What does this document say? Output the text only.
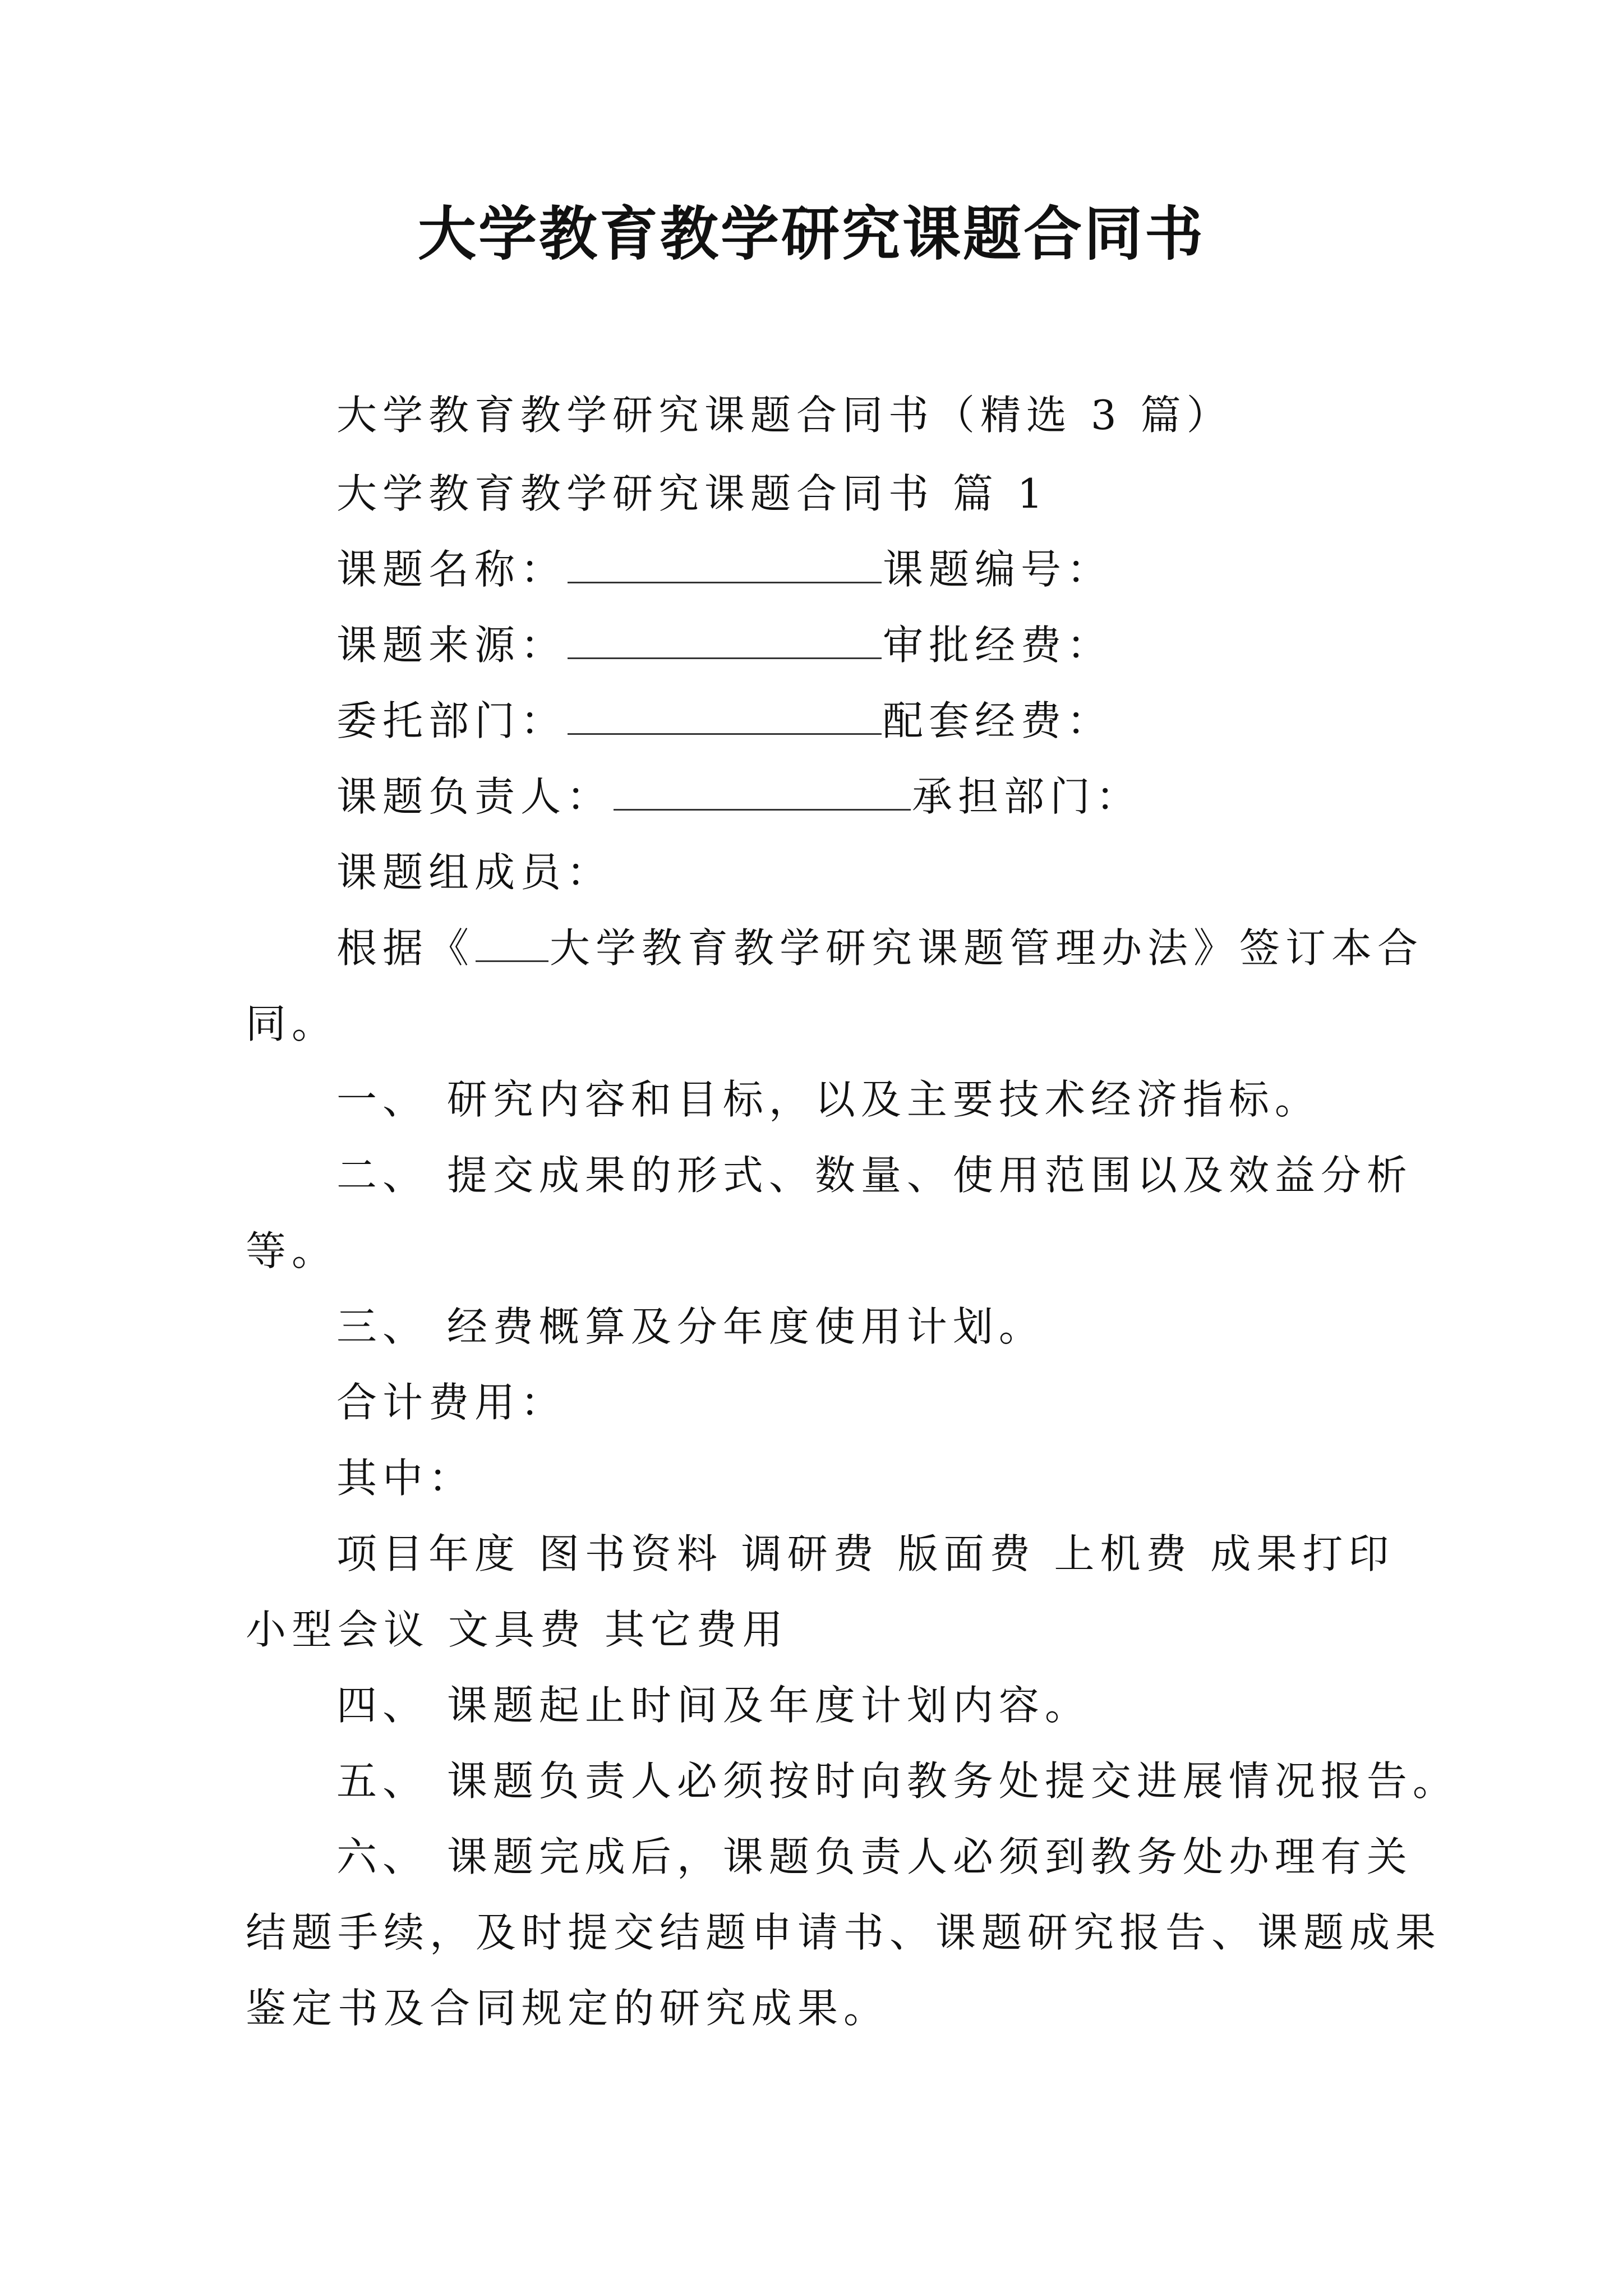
大学教育教学研究课题合同书
大学教育教学研究课题合同书（精选 3 篇）
大学教育教学研究课题合同书 篇 1
课题名称：	课题编号：
课题来源：	审批经费：
委托部门：	配套经费：
课题负责人：	承担部门：
课题组成员：
根据《 大学教育教学研究课题管理办法》签订本合
同。
一、 研究内容和目标，以及主要技术经济指标。
二、 提交成果的形式、数量、使用范围以及效益分析
等。
三、 经费概算及分年度使用计划。
合计费用：
其中：
项目年度 图书资料 调研费 版面费 上机费 成果打印
小型会议 文具费 其它费用
四、 课题起止时间及年度计划内容。
五、 课题负责人必须按时向教务处提交进展情况报告。
六、 课题完成后，课题负责人必须到教务处办理有关
结题手续，及时提交结题申请书、课题研究报告、课题成果
鉴定书及合同规定的研究成果。
